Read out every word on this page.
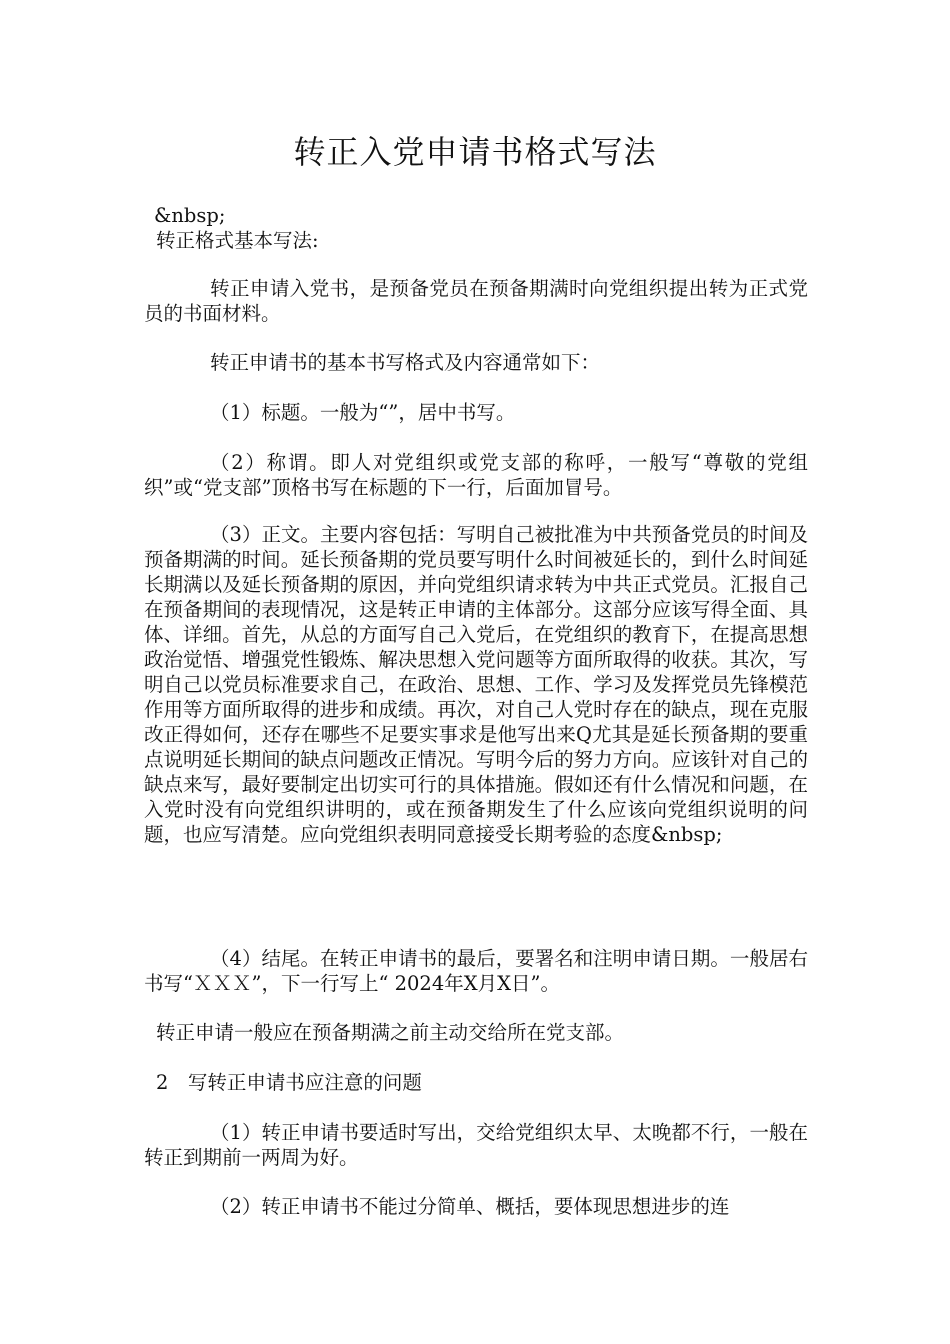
转正入党申请书格式写法

&nbsp;

转正格式基本写法:

转正申请入党书，是预备党员在预备期满时向党组织提出转为正式党员的书面材料。

转正申请书的基本书写格式及内容通常如下：

（1）标题。一般为“”，居中书写。

（2）称谓。即人对党组织或党支部的称呼，一般写“尊敬的党组织”或“党支部”顶格书写在标题的下一行，后面加冒号。

（3）正文。主要内容包括：写明自己被批准为中共预备党员的时间及预备期满的时间。延长预备期的党员要写明什么时间被延长的，到什么时间延长期满以及延长预备期的原因，并向党组织请求转为中共正式党员。汇报自己在预备期间的表现情况，这是转正申请的主体部分。这部分应该写得全面、具体、详细。首先，从总的方面写自己入党后，在党组织的教育下，在提高思想政治觉悟、增强党性锻炼、解决思想入党问题等方面所取得的收获。其次，写明自己以党员标准要求自己，在政治、思想、工作、学习及发挥党员先锋模范作用等方面所取得的进步和成绩。再次，对自己人党时存在的缺点，现在克服改正得如何，还存在哪些不足要实事求是他写出来Q尤其是延长预备期的要重点说明延长期间的缺点问题改正情况。写明今后的努力方向。应该针对自己的缺点来写，最好要制定出切实可行的具体措施。假如还有什么情况和问题，在入党时没有向党组织讲明的，或在预备期发生了什么应该向党组织说明的问题，也应写清楚。应向党组织表明同意接受长期考验的态度&nbsp;

（4）结尾。在转正申请书的最后，要署名和注明申请日期。一般居右书写“ＸＸＸ”，下一行写上“ 2024年X月X日”。

转正申请一般应在预备期满之前主动交给所在党支部。

2　写转正申请书应注意的问题

（1）转正申请书要适时写出，交给党组织太早、太晚都不行，一般在转正到期前一两周为好。

（2）转正申请书不能过分简单、概括，要体现思想进步的连
